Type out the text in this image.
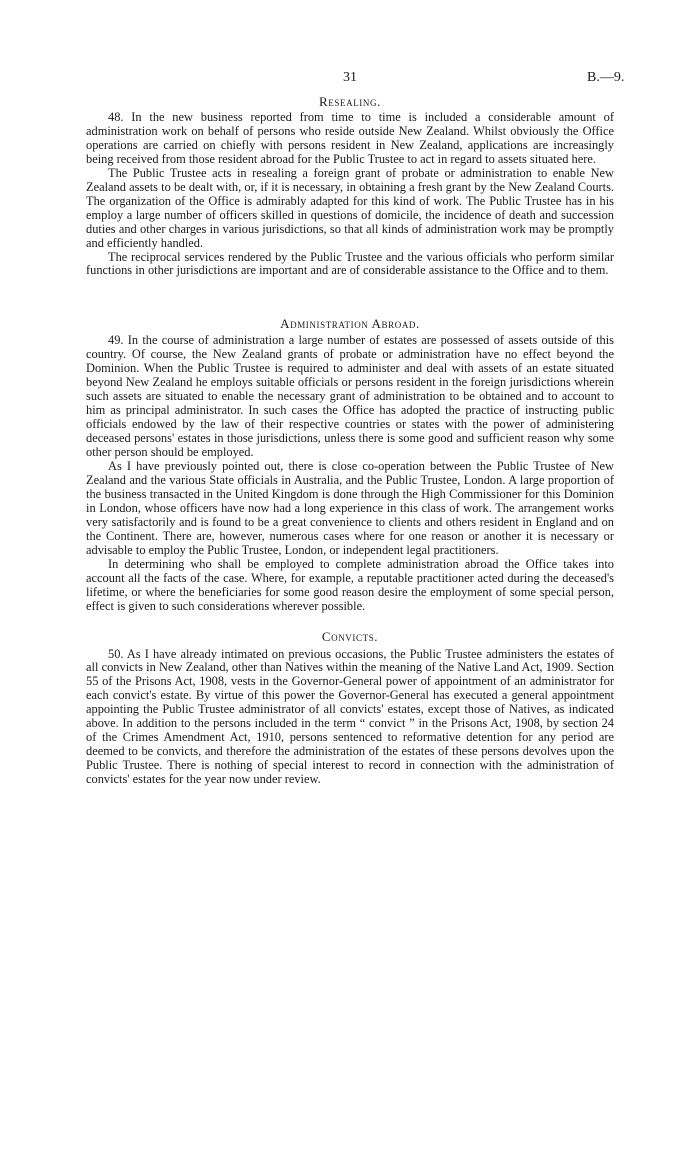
31	B.—9.
Resealing.

48. In the new business reported from time to time is included a considerable amount of administration work on behalf of persons who reside outside New Zealand. Whilst obviously the Office operations are carried on chiefly with persons resident in New Zealand, applications are increasingly being received from those resident abroad for the Public Trustee to act in regard to assets situated here.

The Public Trustee acts in resealing a foreign grant of probate or administration to enable New Zealand assets to be dealt with, or, if it is necessary, in obtaining a fresh grant by the New Zealand Courts. The organization of the Office is admirably adapted for this kind of work. The Public Trustee has in his employ a large number of officers skilled in questions of domicile, the incidence of death and succession duties and other charges in various jurisdictions, so that all kinds of administration work may be promptly and efficiently handled.

The reciprocal services rendered by the Public Trustee and the various officials who perform similar functions in other jurisdictions are important and are of considerable assistance to the Office and to them.

Administration Abroad.

49. In the course of administration a large number of estates are possessed of assets outside of this country. Of course, the New Zealand grants of probate or administration have no effect beyond the Dominion. When the Public Trustee is required to administer and deal with assets of an estate situated beyond New Zealand he employs suitable officials or persons resident in the foreign jurisdictions wherein such assets are situated to enable the necessary grant of administration to be obtained and to account to him as principal administrator. In such cases the Office has adopted the practice of instructing public officials endowed by the law of their respective countries or states with the power of administering deceased persons' estates in those jurisdictions, unless there is some good and sufficient reason why some other person should be employed.

As I have previously pointed out, there is close co-operation between the Public Trustee of New Zealand and the various State officials in Australia, and the Public Trustee, London. A large proportion of the business transacted in the United Kingdom is done through the High Commissioner for this Dominion in London, whose officers have now had a long experience in this class of work. The arrangement works very satisfactorily and is found to be a great convenience to clients and others resident in England and on the Continent. There are, however, numerous cases where for one reason or another it is necessary or advisable to employ the Public Trustee, London, or independent legal practitioners.

In determining who shall be employed to complete administration abroad the Office takes into account all the facts of the case. Where, for example, a reputable practitioner acted during the deceased's lifetime, or where the beneficiaries for some good reason desire the employment of some special person, effect is given to such considerations wherever possible.

Convicts.

50. As I have already intimated on previous occasions, the Public Trustee administers the estates of all convicts in New Zealand, other than Natives within the meaning of the Native Land Act, 1909. Section 55 of the Prisons Act, 1908, vests in the Governor-General power of appointment of an administrator for each convict's estate. By virtue of this power the Governor-General has executed a general appointment appointing the Public Trustee administrator of all convicts' estates, except those of Natives, as indicated above. In addition to the persons included in the term “ convict ” in the Prisons Act, 1908, by section 24 of the Crimes Amendment Act, 1910, persons sentenced to reformative detention for any period are deemed to be convicts, and therefore the administration of the estates of these persons devolves upon the Public Trustee. There is nothing of special interest to record in connection with the administration of convicts' estates for the year now under review.
